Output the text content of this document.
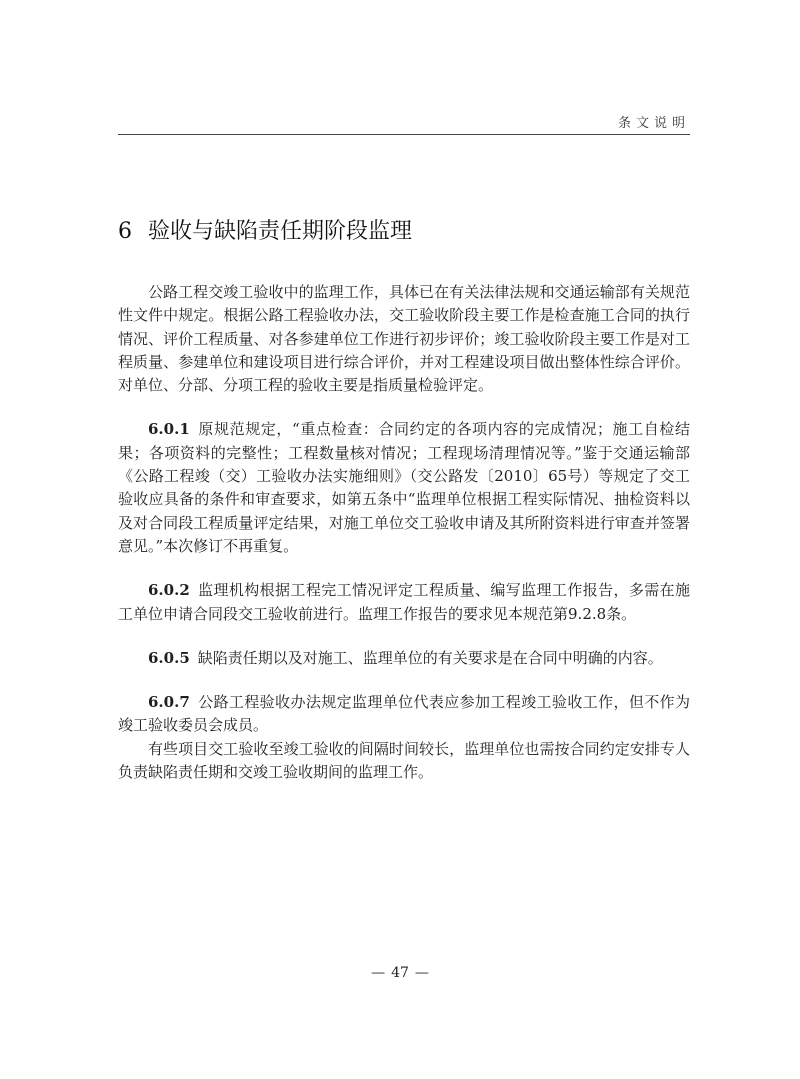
条文说明
6 验收与缺陷责任期阶段监理

公路工程交竣工验收中的监理工作，具体已在有关法律法规和交通运输部有关规范性文件中规定。根据公路工程验收办法，交工验收阶段主要工作是检查施工合同的执行情况、评价工程质量、对各参建单位工作进行初步评价；竣工验收阶段主要工作是对工程质量、参建单位和建设项目进行综合评价，并对工程建设项目做出整体性综合评价。对单位、分部、分项工程的验收主要是指质量检验评定。

6.0.1 原规范规定，“重点检查：合同约定的各项内容的完成情况；施工自检结果；各项资料的完整性；工程数量核对情况；工程现场清理情况等。”鉴于交通运输部《公路工程竣（交）工验收办法实施细则》（交公路发〔2010〕65号）等规定了交工验收应具备的条件和审查要求，如第五条中“监理单位根据工程实际情况、抽检资料以及对合同段工程质量评定结果，对施工单位交工验收申请及其所附资料进行审查并签署意见。”本次修订不再重复。

6.0.2 监理机构根据工程完工情况评定工程质量、编写监理工作报告，多需在施工单位申请合同段交工验收前进行。监理工作报告的要求见本规范第9.2.8条。

6.0.5 缺陷责任期以及对施工、监理单位的有关要求是在合同中明确的内容。

6.0.7 公路工程验收办法规定监理单位代表应参加工程竣工验收工作，但不作为竣工验收委员会成员。

有些项目交工验收至竣工验收的间隔时间较长，监理单位也需按合同约定安排专人负责缺陷责任期和交竣工验收期间的监理工作。

— 47 —
